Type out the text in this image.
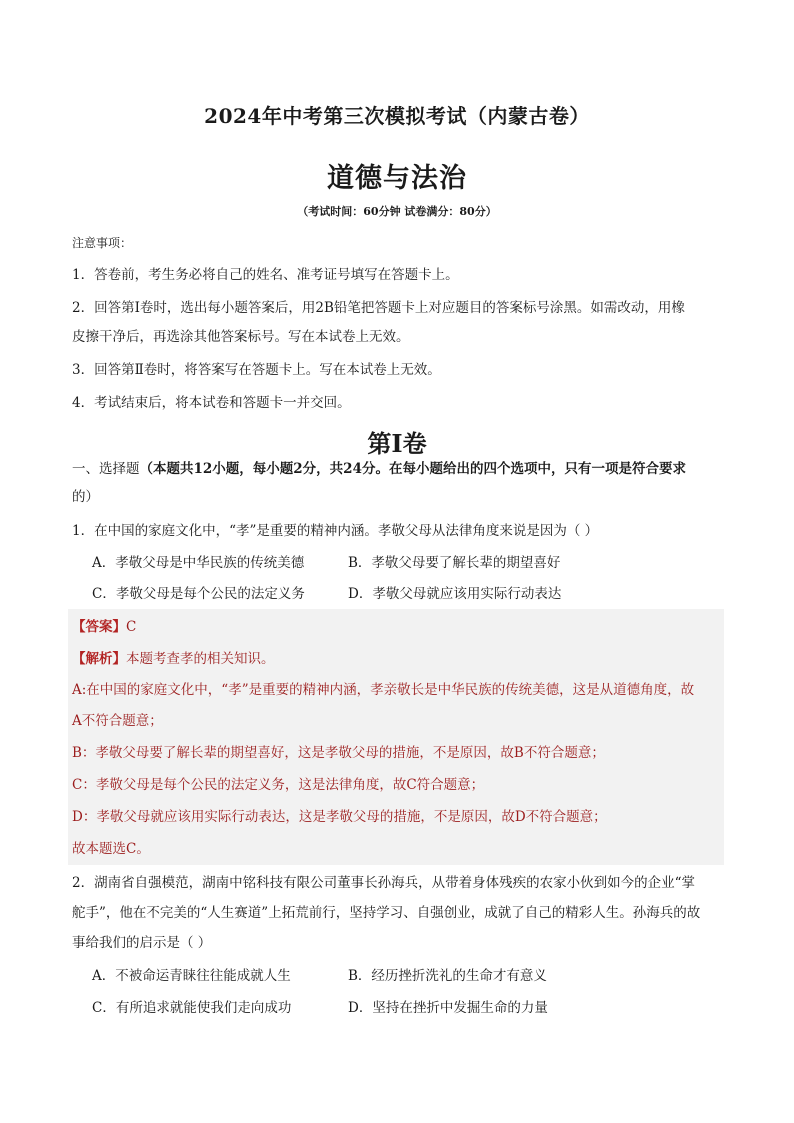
2024年中考第三次模拟考试（内蒙古卷）
道德与法治
（考试时间：60分钟 试卷满分：80分）
注意事项：
1．答卷前，考生务必将自己的姓名、准考证号填写在答题卡上。
2．回答第Ⅰ卷时，选出每小题答案后，用2B铅笔把答题卡上对应题目的答案标号涂黑。如需改动，用橡
皮擦干净后，再选涂其他答案标号。写在本试卷上无效。
3．回答第Ⅱ卷时，将答案写在答题卡上。写在本试卷上无效。
4．考试结束后，将本试卷和答题卡一并交回。
第Ⅰ卷
一、选择题（本题共12小题，每小题2分，共24分。在每小题给出的四个选项中，只有一项是符合要求
的）
1．在中国的家庭文化中，“孝”是重要的精神内涵。孝敬父母从法律角度来说是因为（ ）
A．孝敬父母是中华民族的传统美德	B．孝敬父母要了解长辈的期望喜好
C．孝敬父母是每个公民的法定义务	D．孝敬父母就应该用实际行动表达
【答案】C
【解析】本题考查孝的相关知识。
A:在中国的家庭文化中，“孝”是重要的精神内涵，孝亲敬长是中华民族的传统美德，这是从道德角度，故
A不符合题意；
B：孝敬父母要了解长辈的期望喜好，这是孝敬父母的措施，不是原因，故B不符合题意；
C：孝敬父母是每个公民的法定义务，这是法律角度，故C符合题意；
D：孝敬父母就应该用实际行动表达，这是孝敬父母的措施，不是原因，故D不符合题意；
故本题选C。
2．湖南省自强模范，湖南中铭科技有限公司董事长孙海兵，从带着身体残疾的农家小伙到如今的企业“掌
舵手”，他在不完美的“人生赛道”上拓荒前行，坚持学习、自强创业，成就了自己的精彩人生。孙海兵的故
事给我们的启示是（ ）
A．不被命运青睐往往能成就人生	B．经历挫折洗礼的生命才有意义
C．有所追求就能使我们走向成功	D．坚持在挫折中发掘生命的力量
